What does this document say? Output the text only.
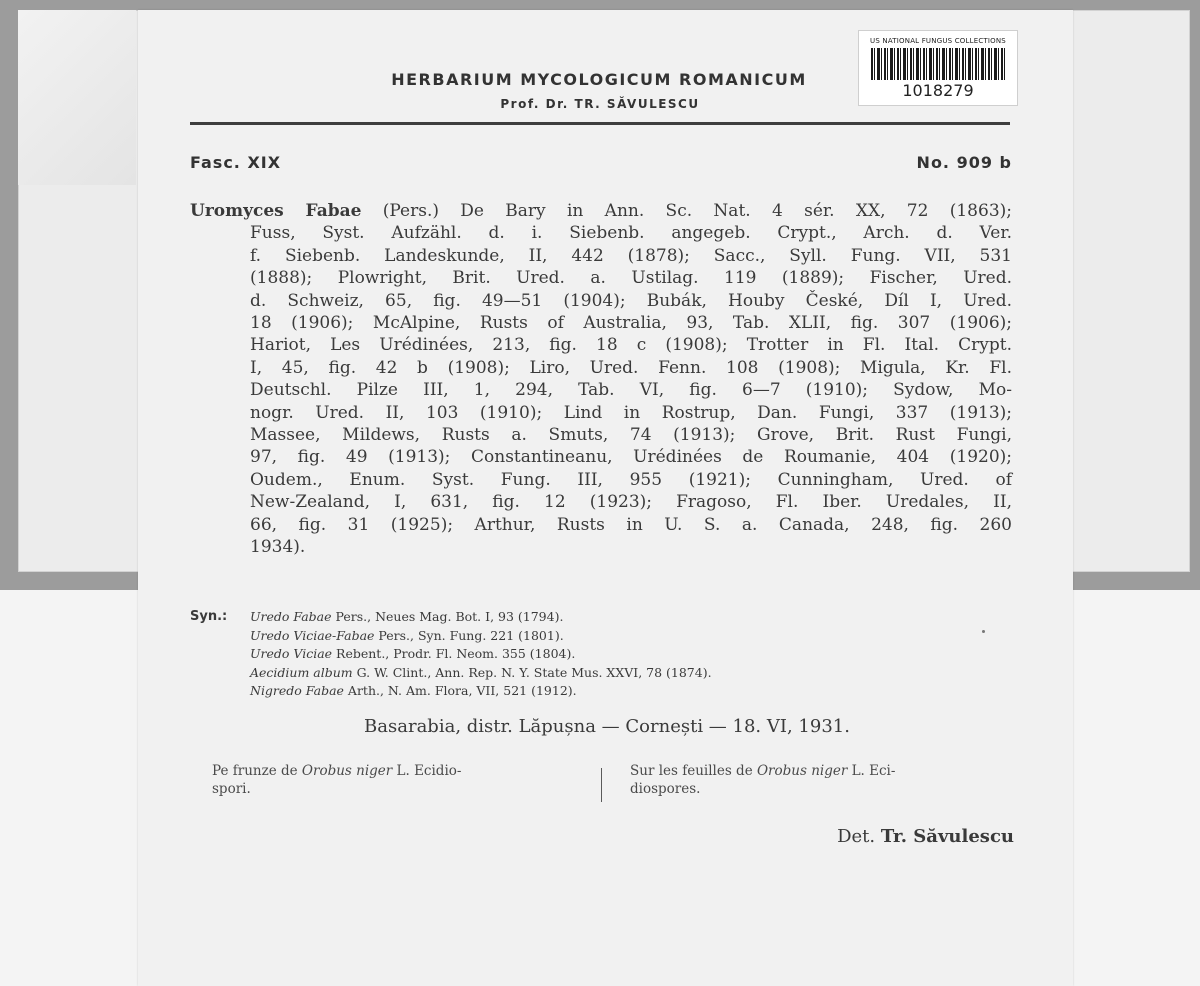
US NATIONAL FUNGUS COLLECTIONS
1018279
HERBARIUM MYCOLOGICUM ROMANICUM
Prof. Dr. TR. SĂVULESCU
Fasc. XIX	No. 909 b
Uromyces Fabae (Pers.) De Bary in Ann. Sc. Nat. 4 sér. XX, 72 (1863);
Fuss, Syst. Aufzähl. d. i. Siebenb. angegeb. Crypt., Arch. d. Ver.
f. Siebenb. Landeskunde, II, 442 (1878); Sacc., Syll. Fung. VII, 531
(1888); Plowright, Brit. Ured. a. Ustilag. 119 (1889); Fischer, Ured.
d. Schweiz, 65, fig. 49—51 (1904); Bubák, Houby České, Díl I, Ured.
18 (1906); McAlpine, Rusts of Australia, 93, Tab. XLII, fig. 307 (1906);
Hariot, Les Urédinées, 213, fig. 18 c (1908); Trotter in Fl. Ital. Crypt.
I, 45, fig. 42 b (1908); Liro, Ured. Fenn. 108 (1908); Migula, Kr. Fl.
Deutschl. Pilze III, 1, 294, Tab. VI, fig. 6—7 (1910); Sydow, Mo-
nogr. Ured. II, 103 (1910); Lind in Rostrup, Dan. Fungi, 337 (1913);
Massee, Mildews, Rusts a. Smuts, 74 (1913); Grove, Brit. Rust Fungi,
97, fig. 49 (1913); Constantineanu, Urédinées de Roumanie, 404 (1920);
Oudem., Enum. Syst. Fung. III, 955 (1921); Cunningham, Ured. of
New-Zealand, I, 631, fig. 12 (1923); Fragoso, Fl. Iber. Uredales, II,
66, fig. 31 (1925); Arthur, Rusts in U. S. a. Canada, 248, fig. 260
1934).
Syn.: Uredo Fabae Pers., Neues Mag. Bot. I, 93 (1794).
Uredo Viciae-Fabae Pers., Syn. Fung. 221 (1801).
Uredo Viciae Rebent., Prodr. Fl. Neom. 355 (1804).
Aecidium album G. W. Clint., Ann. Rep. N. Y. State Mus. XXVI, 78 (1874).
Nigredo Fabae Arth., N. Am. Flora, VII, 521 (1912).
Basarabia, distr. Lăpușna — Cornești — 18. VI, 1931.
Pe frunze de Orobus niger L. Ecidio-
spori.
Sur les feuilles de Orobus niger L. Eci-
diospores.
Det. Tr. Săvulescu
